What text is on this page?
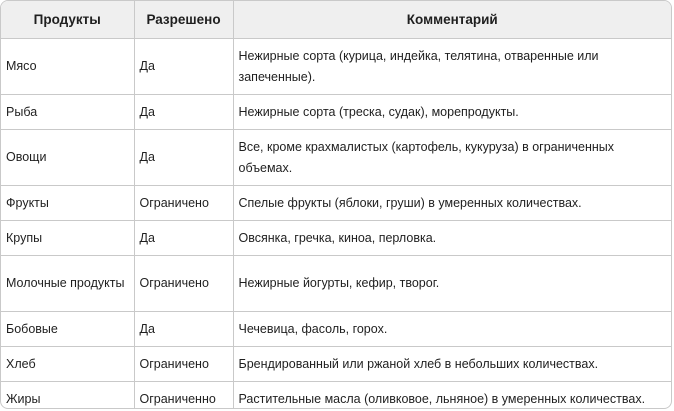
Продукты	Разрешено	Комментарий
Мясо	Да	Нежирные сорта (курица, индейка, телятина, отваренные или запеченные).
Рыба	Да	Нежирные сорта (треска, судак), морепродукты.
Овощи	Да	Все, кроме крахмалистых (картофель, кукуруза) в ограниченных объемах.
Фрукты	Ограничено	Спелые фрукты (яблоки, груши) в умеренных количествах.
Крупы	Да	Овсянка, гречка, киноа, перловка.
Молочные продукты	Ограничено	Нежирные йогурты, кефир, творог.
Бобовые	Да	Чечевица, фасоль, горох.
Хлеб	Ограничено	Брендированный или ржаной хлеб в небольших количествах.
Жиры	Ограниченно	Растительные масла (оливковое, льняное) в умеренных количествах.
